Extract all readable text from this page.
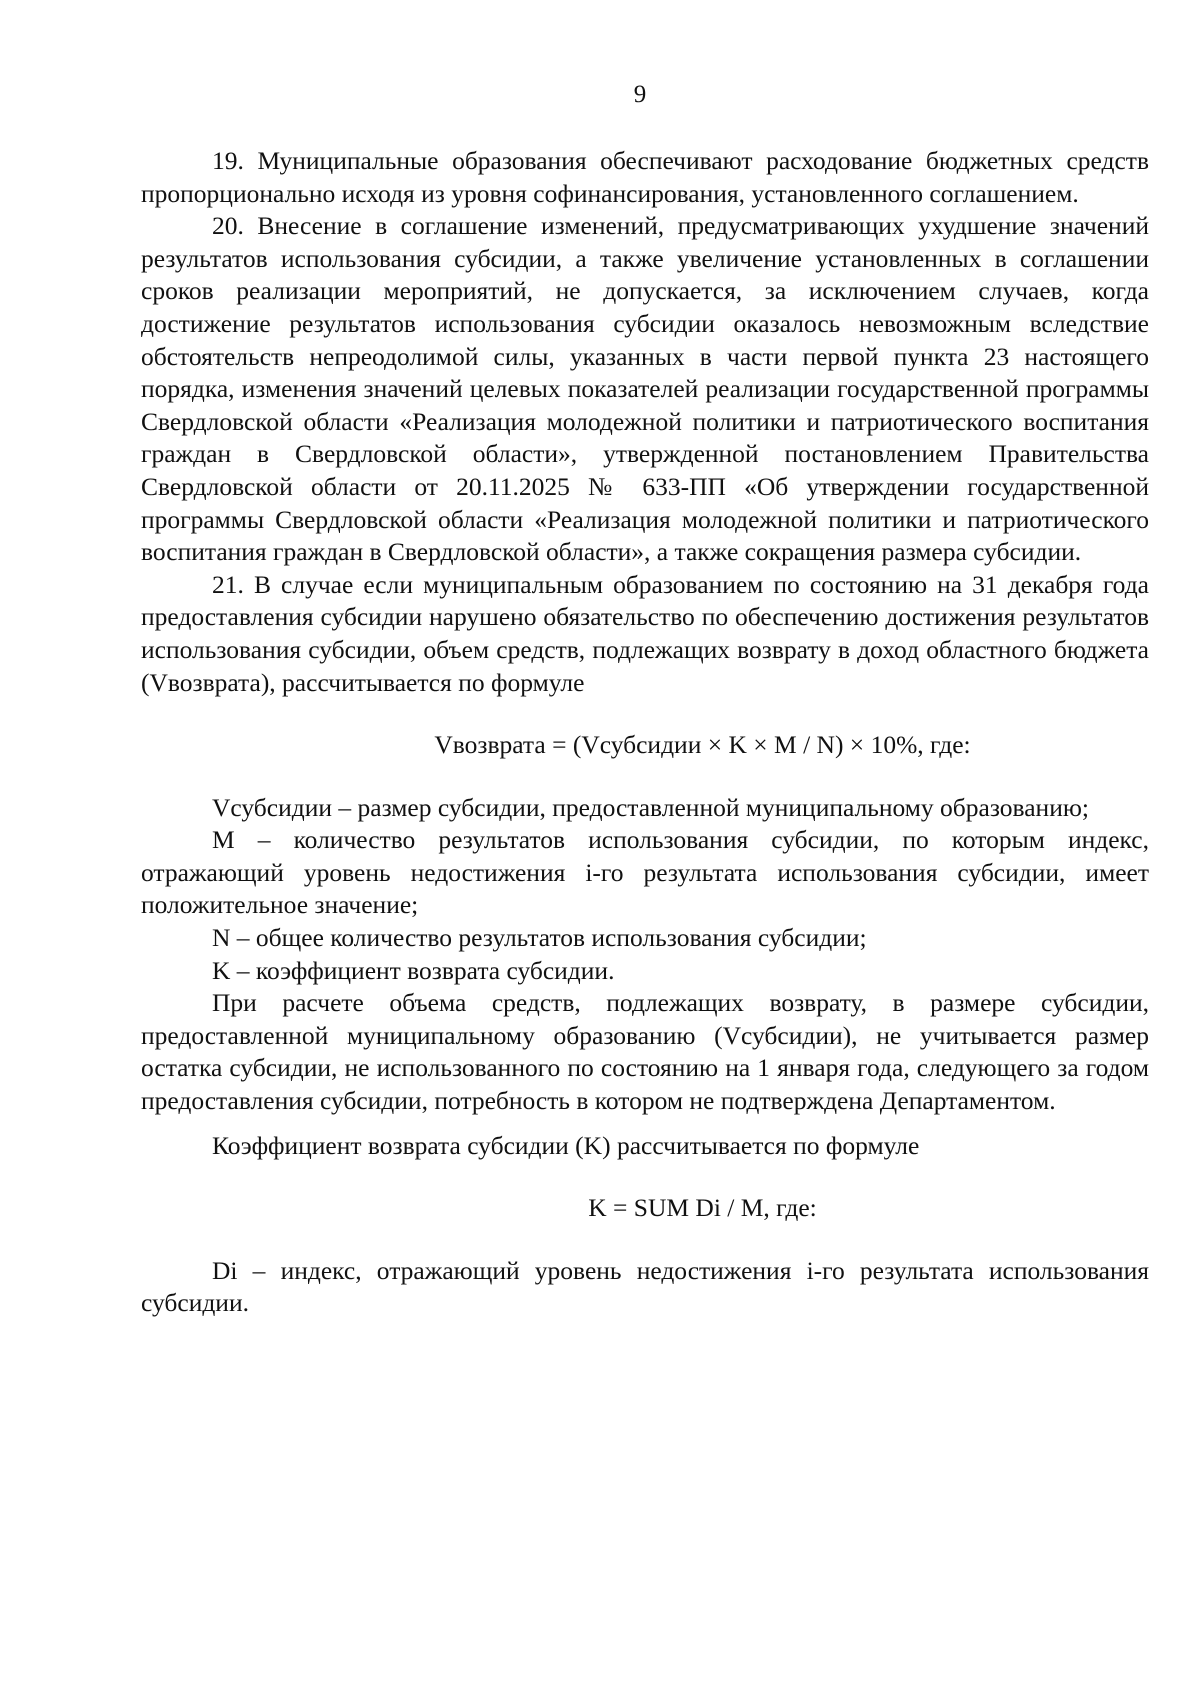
9

19. Муниципальные образования обеспечивают расходование бюджетных средств пропорционально исходя из уровня софинансирования, установленного соглашением.

20. Внесение в соглашение изменений, предусматривающих ухудшение значений результатов использования субсидии, а также увеличение установленных в соглашении сроков реализации мероприятий, не допускается, за исключением случаев, когда достижение результатов использования субсидии оказалось невозможным вследствие обстоятельств непреодолимой силы, указанных в части первой пункта 23 настоящего порядка, изменения значений целевых показателей реализации государственной программы Свердловской области «Реализация молодежной политики и патриотического воспитания граждан в Свердловской области», утвержденной постановлением Правительства Свердловской области от 20.11.2025 № 633-ПП «Об утверждении государственной программы Свердловской области «Реализация молодежной политики и патриотического воспитания граждан в Свердловской области», а также сокращения размера субсидии.

21. В случае если муниципальным образованием по состоянию на 31 декабря года предоставления субсидии нарушено обязательство по обеспечению достижения результатов использования субсидии, объем средств, подлежащих возврату в доход областного бюджета (Vвозврата), рассчитывается по формуле

Vвозврата = (Vсубсидии × K × M / N) × 10%, где:

Vсубсидии – размер субсидии, предоставленной муниципальному образованию;

M – количество результатов использования субсидии, по которым индекс, отражающий уровень недостижения i-го результата использования субсидии, имеет положительное значение;

N – общее количество результатов использования субсидии;

K – коэффициент возврата субсидии.

При расчете объема средств, подлежащих возврату, в размере субсидии, предоставленной муниципальному образованию (Vсубсидии), не учитывается размер остатка субсидии, не использованного по состоянию на 1 января года, следующего за годом предоставления субсидии, потребность в котором не подтверждена Департаментом.

Коэффициент возврата субсидии (K) рассчитывается по формуле

K = SUM Di / M, где:

Di – индекс, отражающий уровень недостижения i-го результата использования субсидии.
